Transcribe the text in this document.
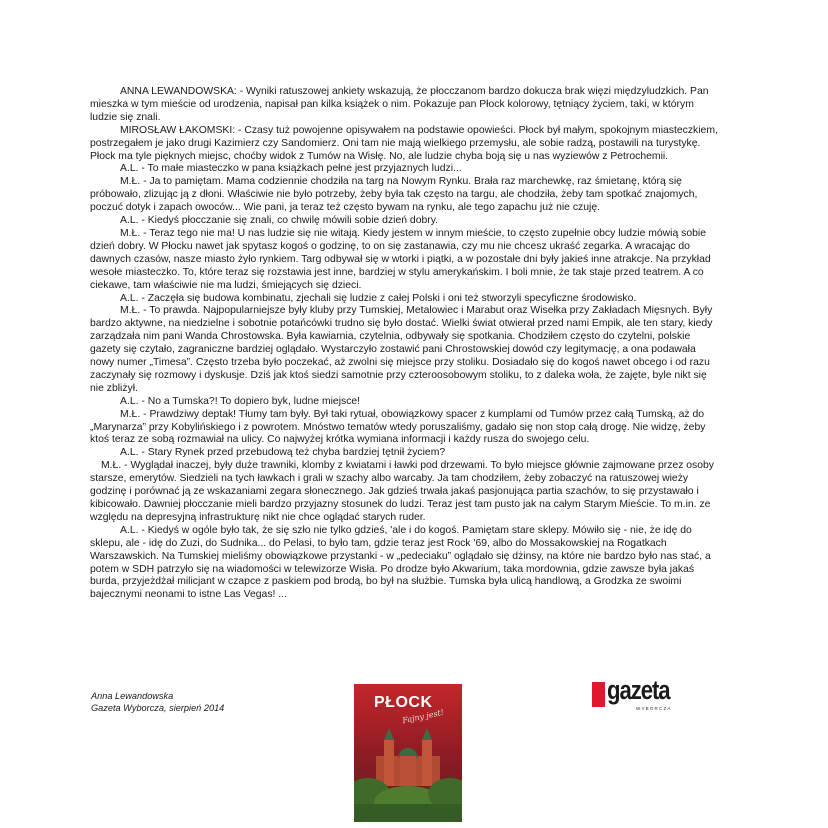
ANNA LEWANDOWSKA: - Wyniki ratuszowej ankiety wskazują, że płocczanom bardzo dokucza brak więzi międzyludzkich. Pan mieszka w tym mieście od urodzenia, napisał pan kilka książek o nim. Pokazuje pan Płock kolorowy, tętniący życiem, taki, w którym ludzie się znali.

MIROSŁAW ŁAKOMSKI: - Czasy tuż powojenne opisywałem na podstawie opowieści. Płock był małym, spokojnym miasteczkiem, postrzegałem je jako drugi Kazimierz czy Sandomierz. Oni tam nie mają wielkiego przemysłu, ale sobie radzą, postawili na turystykę. Płock ma tyle pięknych miejsc, choćby widok z Tumów na Wisłę. No, ale ludzie chyba boją się u nas wyziewów z Petrochemii.

A.L. - To małe miasteczko w pana książkach pełne jest przyjaznych ludzi...

M.Ł. - Ja to pamiętam. Mama codziennie chodziła na targ na Nowym Rynku. Brała raz marchewkę, raz śmietanę, którą się próbowało, zlizując ją z dłoni. Właściwie nie było potrzeby, żeby była tak często na targu, ale chodziła, żeby tam spotkać znajomych, poczuć dotyk i zapach owoców... Wie pani, ja teraz też często bywam na rynku, ale tego zapachu już nie czuję.

A.L. - Kiedyś płocczanie się znali, co chwilę mówili sobie dzień dobry.

M.Ł. - Teraz tego nie ma! U nas ludzie się nie witają. Kiedy jestem w innym mieście, to często zupełnie obcy ludzie mówią sobie dzień dobry. W Płocku nawet jak spytasz kogoś o godzinę, to on się zastanawia, czy mu nie chcesz ukraść zegarka. A wracając do dawnych czasów, nasze miasto żyło rynkiem. Targ odbywał się w wtorki i piątki, a w pozostałe dni były jakieś inne atrakcje. Na przykład wesołe miasteczko. To, które teraz się rozstawia jest inne, bardziej w stylu amerykańskim. I boli mnie, że tak staje przed teatrem. A co ciekawe, tam właściwie nie ma ludzi, śmiejących się dzieci.

A.L. - Zaczęła się budowa kombinatu, zjechali się ludzie z całej Polski i oni też stworzyli specyficzne środowisko.

M.Ł. - To prawda. Najpopularniejsze były kluby przy Tumskiej, Metalowiec i Marabut oraz Wisełka przy Zakładach Mięsnych. Były bardzo aktywne, na niedzielne i sobotnie potańcówki trudno się było dostać. Wielki świat otwierał przed nami Empik, ale ten stary, kiedy zarządzała nim pani Wanda Chrostowska. Była kawiarnia, czytelnia, odbywały się spotkania. Chodziłem często do czytelni, polskie gazety się czytało, zagraniczne bardziej oglądało. Wystarczyło zostawić pani Chrostowskiej dowód czy legitymację, a ona podawała nowy numer „Timesa”. Często trzeba było poczekać, aż zwolni się miejsce przy stoliku. Dosiadało się do kogoś nawet obcego i od razu zaczynały się rozmowy i dyskusje. Dziś jak ktoś siedzi samotnie przy czteroosobowym stoliku, to z daleka woła, że zajęte, byle nikt się nie zbliżył.

A.L. - No a Tumska?! To dopiero byk, ludne miejsce!

M.Ł. - Prawdziwy deptak! Tłumy tam były. Był taki rytuał, obowiązkowy spacer z kumplami od Tumów przez całą Tumską, aż do „Marynarza” przy Kobylińskiego i z powrotem. Mnóstwo tematów wtedy poruszaliśmy, gadało się non stop całą drogę. Nie widzę, żeby ktoś teraz ze sobą rozmawiał na ulicy. Co najwyżej krótka wymiana informacji i każdy rusza do swojego celu.

A.L. - Stary Rynek przed przebudową też chyba bardziej tętnił życiem?

M.Ł. - Wyglądał inaczej, były duże trawniki, klomby z kwiatami i ławki pod drzewami. To było miejsce głównie zajmowane przez osoby starsze, emerytów. Siedzieli na tych ławkach i grali w szachy albo warcaby. Ja tam chodziłem, żeby zobaczyć na ratuszowej wieży godzinę i porównać ją ze wskazaniami zegara słonecznego. Jak gdzieś trwała jakaś pasjonująca partia szachów, to się przystawało i kibicowało. Dawniej płocczanie mieli bardzo przyjazny stosunek do ludzi. Teraz jest tam pusto jak na całym Starym Mieście. To m.in. ze względu na depresyjną infrastrukturę nikt nie chce oglądać starych ruder.

A.L. - Kiedyś w ogóle było tak, że się szło nie tylko gdzieś, 'ale i do kogoś. Pamiętam stare sklepy. Mówiło się - nie, że idę do sklepu, ale - idę do Zuzi, do Sudnika... do Pelasi, to było tam, gdzie teraz jest Rock '69, albo do Mossakowskiej na Rogatkach Warszawskich. Na Tumskiej mieliśmy obowiązkowe przystanki - w „pedeciaku” oglądało się dżinsy, na które nie bardzo było nas stać, a potem w SDH patrzyło się na wiadomości w telewizorze Wisła. Po drodze było Akwarium, taka mordownia, gdzie zawsze była jakaś burda, przyjeżdżał milicjant w czapce z paskiem pod brodą, bo był na służbie. Tumska była ulicą handlową, a Grodzka ze swoimi bajecznymi neonami to istne Las Vegas! ...

Anna Lewandowska
Gazeta Wyborcza, sierpień 2014	PŁOCK
Fajny jest!
gazeta
WYBORCZA
